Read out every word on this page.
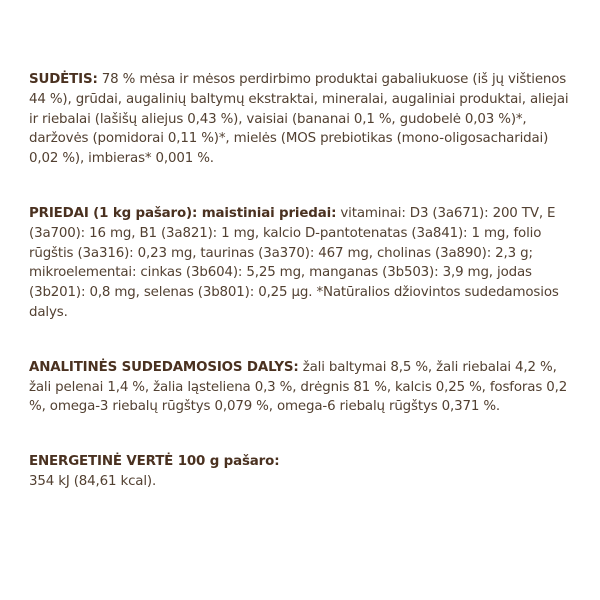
SUDĖTIS: 78 % mėsa ir mėsos perdirbimo produktai gabaliukuose (iš jų vištienos 44 %), grūdai, augalinių baltymų ekstraktai, mineralai, augaliniai produktai, aliejai ir riebalai (lašišų aliejus 0,43 %), vaisiai (bananai 0,1 %, gudobelė 0,03 %)*, daržovės (pomidorai 0,11 %)*, mielės (MOS prebiotikas (mono-oligosacharidai) 0,02 %), imbieras* 0,001 %.

PRIEDAI (1 kg pašaro): maistiniai priedai: vitaminai: D3 (3a671): 200 TV, E (3a700): 16 mg, B1 (3a821): 1 mg, kalcio D-pantotenatas (3a841): 1 mg, folio rūgštis (3a316): 0,23 mg, taurinas (3a370): 467 mg, cholinas (3a890): 2,3 g; mikroelementai: cinkas (3b604): 5,25 mg, manganas (3b503): 3,9 mg, jodas (3b201): 0,8 mg, selenas (3b801): 0,25 µg. *Natūralios džiovintos sudedamosios dalys.

ANALITINĖS SUDEDAMOSIOS DALYS: žali baltymai 8,5 %, žali riebalai 4,2 %, žali pelenai 1,4 %, žalia ląsteliena 0,3 %, drėgnis 81 %, kalcis 0,25 %, fosforas 0,2 %, omega-3 riebalų rūgštys 0,079 %, omega-6 riebalų rūgštys 0,371 %.

ENERGETINĖ VERTĖ 100 g pašaro:
354 kJ (84,61 kcal).
